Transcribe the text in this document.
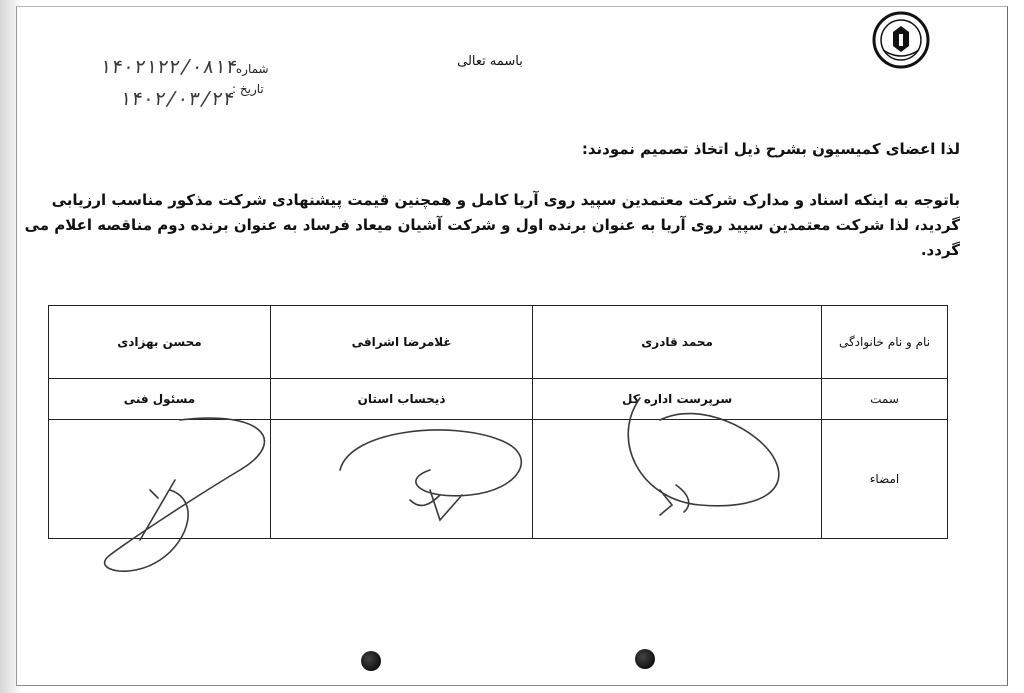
باسمه تعالی
شماره :
۱۴۰۲۱۲۲/۰۸۱۴
تاریخ :
۱۴۰۲/۰۳/۲۴
لذا اعضای کمیسیون بشرح ذیل اتخاذ تصمیم نمودند:
باتوجه به اینکه اسناد و مدارک شرکت معتمدین سپید روی آریا کامل و همچنین قیمت پیشنهادی شرکت مذکور مناسب ارزیابی گردید، لذا شرکت معتمدین سپید روی آریا به عنوان برنده اول و شرکت آشیان میعاد فرساد به عنوان برنده دوم مناقصه اعلام می گردد.
نام و نام خانوادگی	محمد قادری	غلامرضا اشرافی	محسن بهزادی
سمت	سرپرست اداره کل	ذیحساب استان	مسئول فنی
امضاء			
